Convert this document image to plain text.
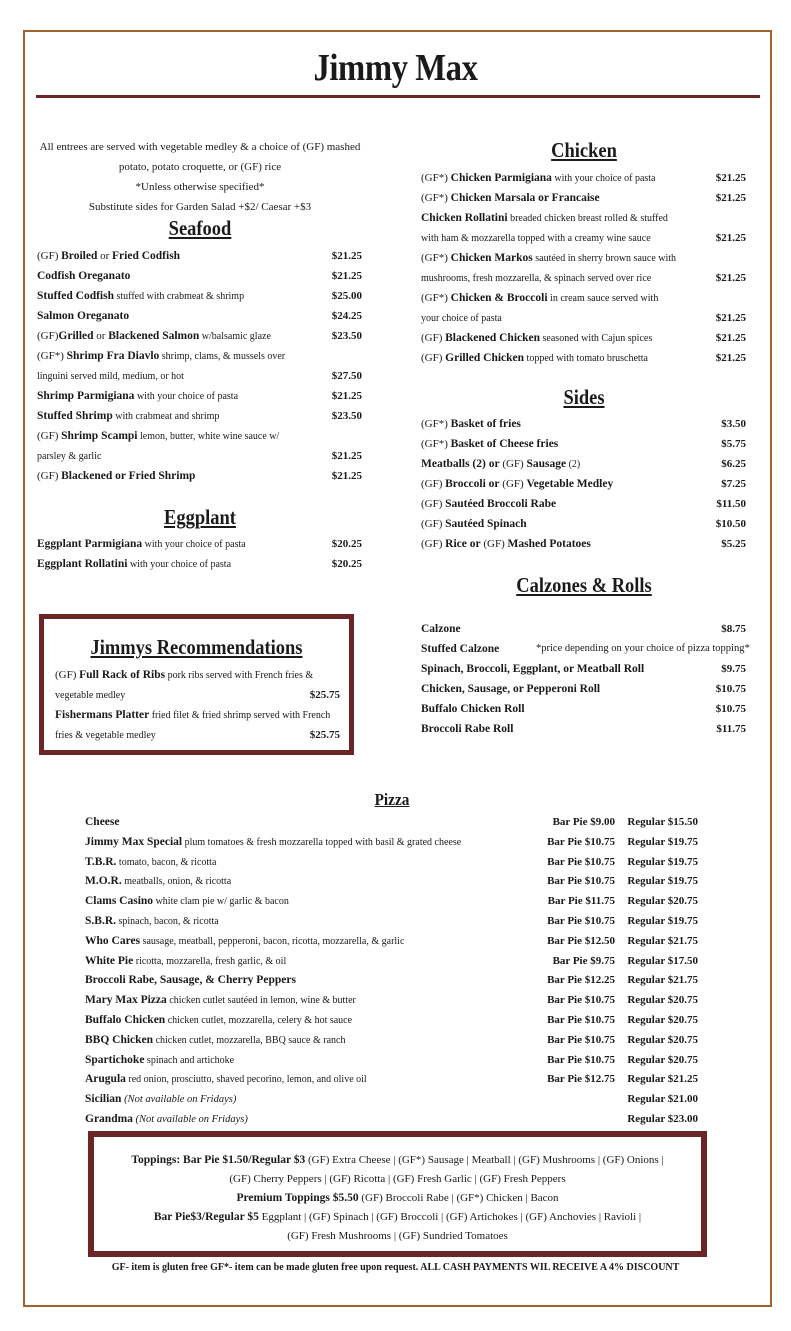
Jimmy Max
All entrees are served with vegetable medley & a choice of (GF) mashed
potato, potato croquette, or (GF) rice
*Unless otherwise specified*
Substitute sides for Garden Salad +$2/ Caesar +$3
Seafood
(GF) Broiled or Fried Codfish	$21.25
Codfish Oreganato	$21.25
Stuffed Codfish stuffed with crabmeat & shrimp	$25.00
Salmon Oreganato	$24.25
(GF)Grilled or Blackened Salmon w/balsamic glaze	$23.50
(GF*) Shrimp Fra Diavlo shrimp, clams, & mussels over
linguini served mild, medium, or hot	$27.50
Shrimp Parmigiana with your choice of pasta	$21.25
Stuffed Shrimp with crabmeat and shrimp	$23.50
(GF) Shrimp Scampi lemon, butter, white wine sauce w/
parsley & garlic	$21.25
(GF) Blackened or Fried Shrimp	$21.25
Eggplant
Eggplant Parmigiana with your choice of pasta	$20.25
Eggplant Rollatini with your choice of pasta	$20.25
Jimmys Recommendations
(GF) Full Rack of Ribs pork ribs served with French fries &
vegetable medley	$25.75
Fishermans Platter fried filet & fried shrimp served with French
fries & vegetable medley	$25.75
Chicken
(GF*) Chicken Parmigiana with your choice of pasta	$21.25
(GF*) Chicken Marsala or Francaise	$21.25
Chicken Rollatini breaded chicken breast rolled & stuffed
with ham & mozzarella topped with a creamy wine sauce	$21.25
(GF*) Chicken Markos sautéed in sherry brown sauce with
mushrooms, fresh mozzarella, & spinach served over rice	$21.25
(GF*) Chicken & Broccoli in cream sauce served with
your choice of pasta	$21.25
(GF) Blackened Chicken seasoned with Cajun spices	$21.25
(GF) Grilled Chicken topped with tomato bruschetta	$21.25
Sides
(GF*) Basket of fries	$3.50
(GF*) Basket of Cheese fries	$5.75
Meatballs (2) or (GF) Sausage (2)	$6.25
(GF) Broccoli or (GF) Vegetable Medley	$7.25
(GF) Sautéed Broccoli Rabe	$11.50
(GF) Sautéed Spinach	$10.50
(GF) Rice or (GF) Mashed Potatoes	$5.25
Calzones & Rolls
Calzone	$8.75
Stuffed Calzone	*price depending on your choice of pizza topping*
Spinach, Broccoli, Eggplant, or Meatball Roll	$9.75
Chicken, Sausage, or Pepperoni Roll	$10.75
Buffalo Chicken Roll	$10.75
Broccoli Rabe Roll	$11.75
Pizza
Cheese	Bar Pie $9.00 Regular $15.50
Jimmy Max Special plum tomatoes & fresh mozzarella topped with basil & grated cheese	Bar Pie $10.75 Regular $19.75
T.B.R. tomato, bacon, & ricotta	Bar Pie $10.75 Regular $19.75
M.O.R. meatballs, onion, & ricotta	Bar Pie $10.75 Regular $19.75
Clams Casino white clam pie w/ garlic & bacon	Bar Pie $11.75 Regular $20.75
S.B.R. spinach, bacon, & ricotta	Bar Pie $10.75 Regular $19.75
Who Cares sausage, meatball, pepperoni, bacon, ricotta, mozzarella, & garlic	Bar Pie $12.50 Regular $21.75
White Pie ricotta, mozzarella, fresh garlic, & oil	Bar Pie $9.75 Regular $17.50
Broccoli Rabe, Sausage, & Cherry Peppers	Bar Pie $12.25 Regular $21.75
Mary Max Pizza chicken cutlet sautéed in lemon, wine & butter	Bar Pie $10.75 Regular $20.75
Buffalo Chicken chicken cutlet, mozzarella, celery & hot sauce	Bar Pie $10.75 Regular $20.75
BBQ Chicken chicken cutlet, mozzarella, BBQ sauce & ranch	Bar Pie $10.75 Regular $20.75
Spartichoke spinach and artichoke	Bar Pie $10.75 Regular $20.75
Arugula red onion, prosciutto, shaved pecorino, lemon, and olive oil	Bar Pie $12.75 Regular $21.25
Sicilian (Not available on Fridays)	Regular $21.00
Grandma (Not available on Fridays)	Regular $23.00
Toppings: Bar Pie $1.50/Regular $3 (GF) Extra Cheese | (GF*) Sausage | Meatball | (GF) Mushrooms | (GF) Onions |
(GF) Cherry Peppers | (GF) Ricotta | (GF) Fresh Garlic | (GF) Fresh Peppers
Premium Toppings $5.50 (GF) Broccoli Rabe | (GF*) Chicken | Bacon
Bar Pie$3/Regular $5 Eggplant | (GF) Spinach | (GF) Broccoli | (GF) Artichokes | (GF) Anchovies | Ravioli |
(GF) Fresh Mushrooms | (GF) Sundried Tomatoes
GF- item is gluten free GF*- item can be made gluten free upon request. ALL CASH PAYMENTS WIL RECEIVE A 4% DISCOUNT
